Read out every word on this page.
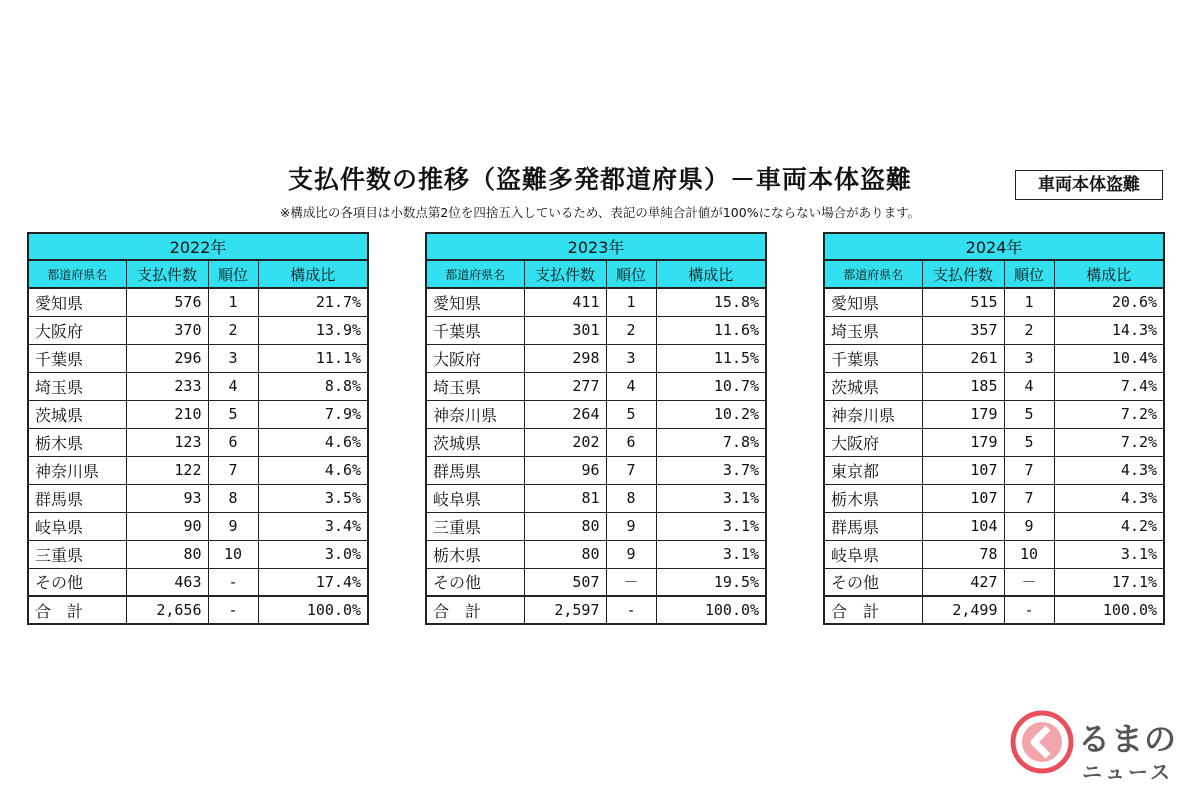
支払件数の推移（盗難多発都道府県）－車両本体盗難	車両本体盗難
※構成比の各項目は小数点第2位を四捨五入しているため、表記の単純合計値が100%にならない場合があります。
2022年			
都道府県名	支払件数	順位	構成比
愛知県	576	1	21.7%
大阪府	370	2	13.9%
千葉県	296	3	11.1%
埼玉県	233	4	8.8%
茨城県	210	5	7.9%
栃木県	123	6	4.6%
神奈川県	122	7	4.6%
群馬県	93	8	3.5%
岐阜県	90	9	3.4%
三重県	80	10	3.0%
その他	463	-	17.4%
合　計	2,656	-	100.0%
2023年			
都道府県名	支払件数	順位	構成比
愛知県	411	1	15.8%
千葉県	301	2	11.6%
大阪府	298	3	11.5%
埼玉県	277	4	10.7%
神奈川県	264	5	10.2%
茨城県	202	6	7.8%
群馬県	96	7	3.7%
岐阜県	81	8	3.1%
三重県	80	9	3.1%
栃木県	80	9	3.1%
その他	507	－	19.5%
合　計	2,597	-	100.0%
2024年			
都道府県名	支払件数	順位	構成比
愛知県	515	1	20.6%
埼玉県	357	2	14.3%
千葉県	261	3	10.4%
茨城県	185	4	7.4%
神奈川県	179	5	7.2%
大阪府	179	5	7.2%
東京都	107	7	4.3%
栃木県	107	7	4.3%
群馬県	104	9	4.2%
岐阜県	78	10	3.1%
その他	427	－	17.1%
合　計	2,499	-	100.0%
るまの
ニュース
